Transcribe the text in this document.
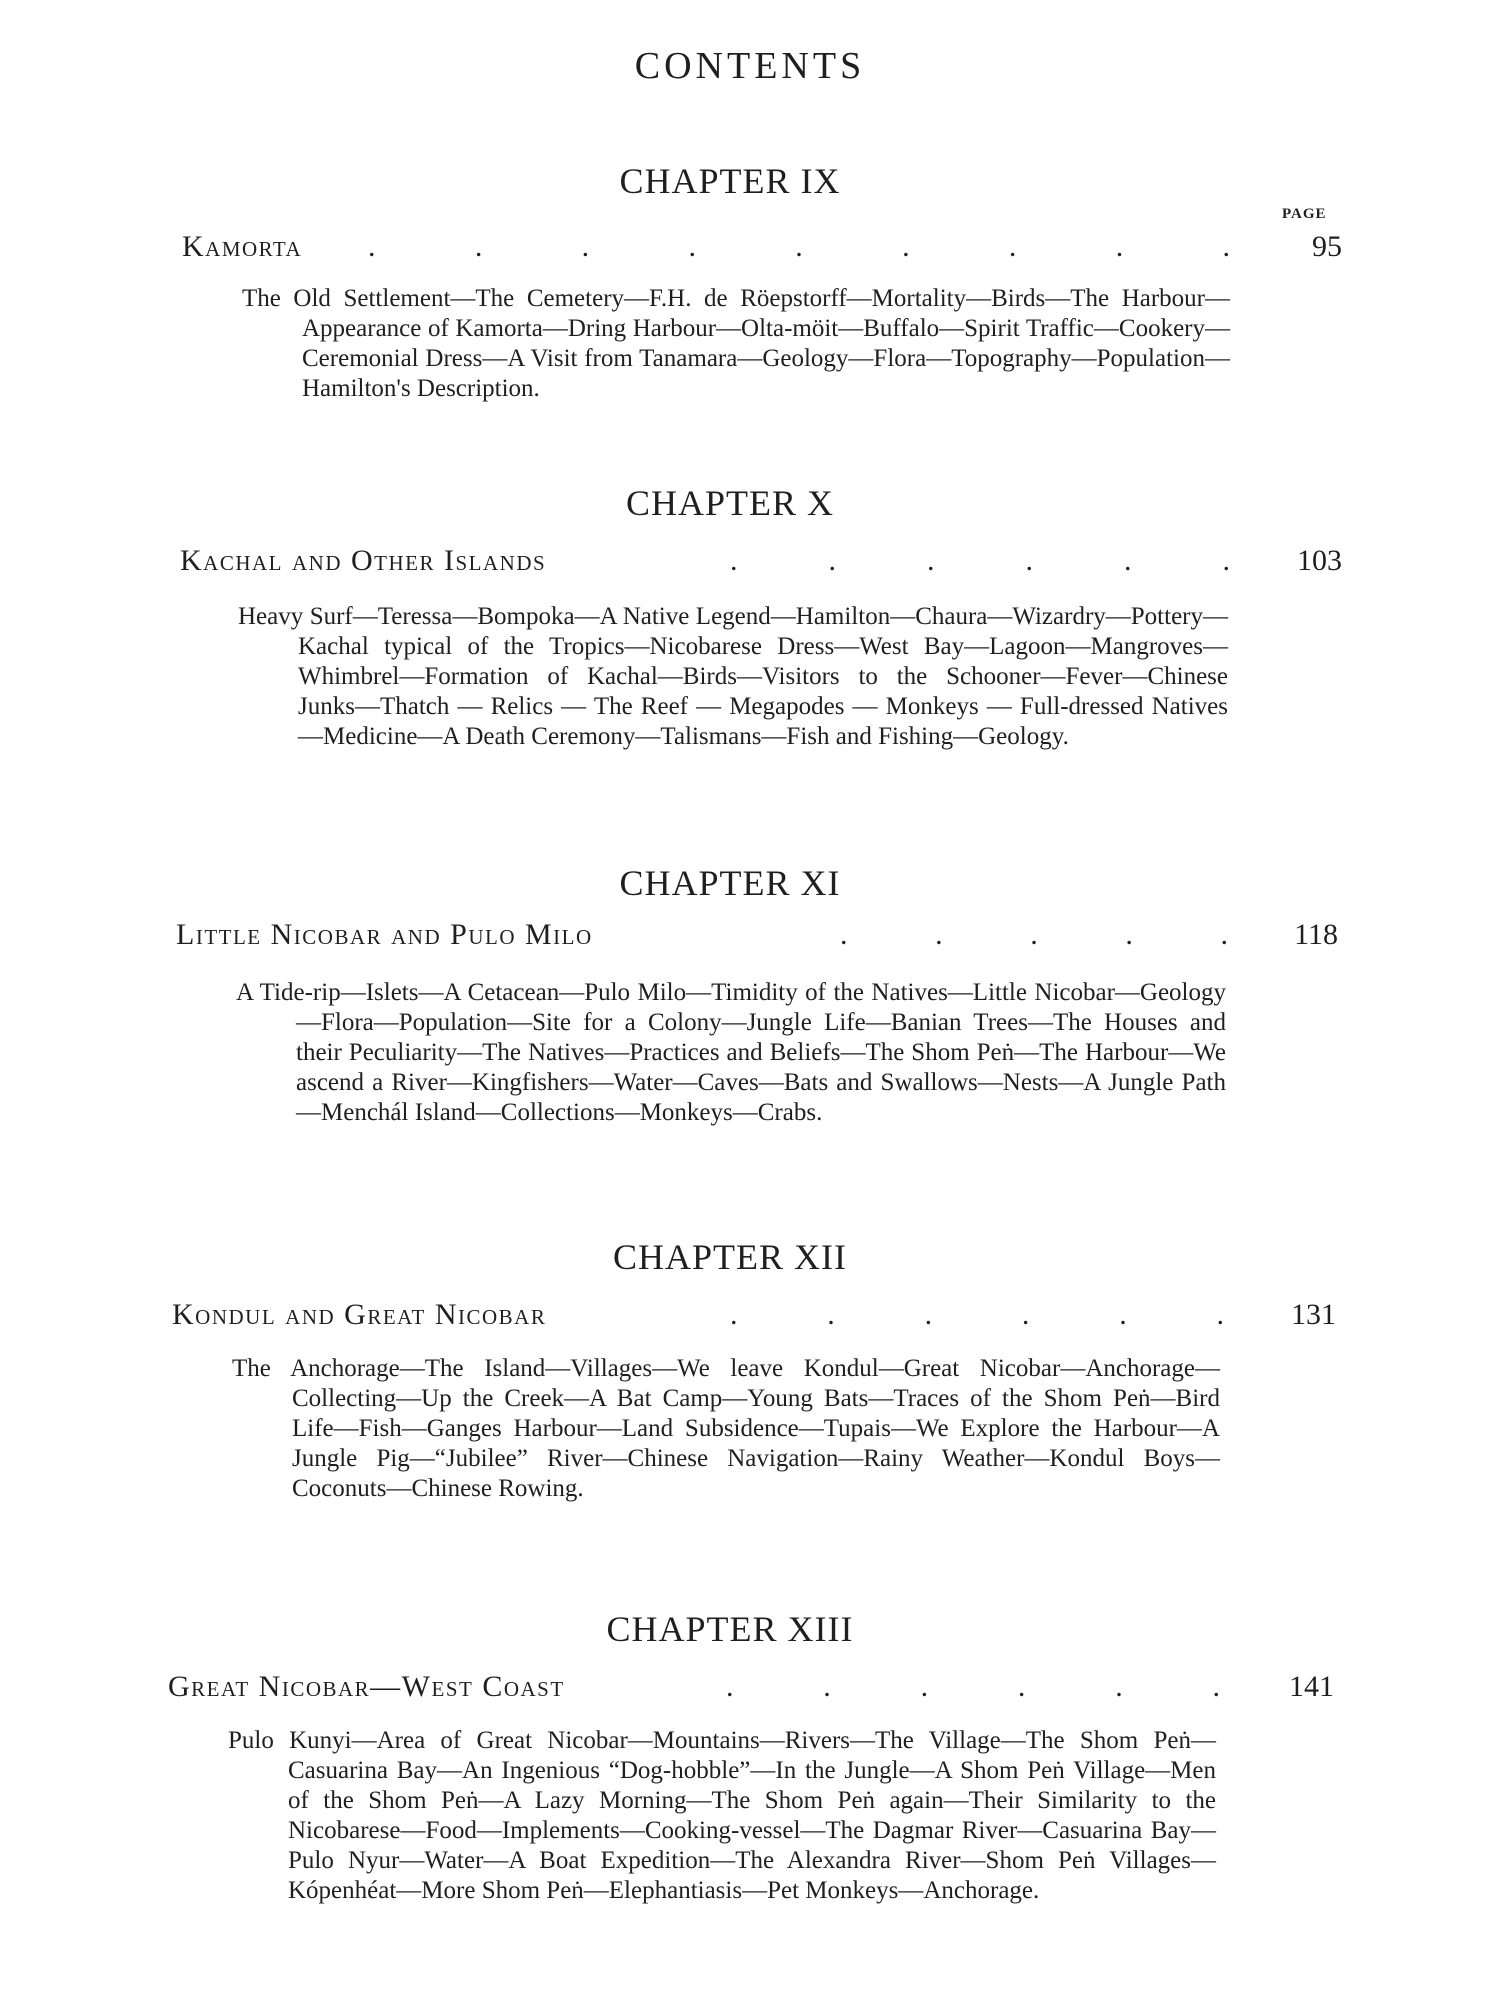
CONTENTS
PAGE
CHAPTER IX
Kamorta .	.	.	.	.	.	.	.	.	95

The Old Settlement—The Cemetery—F.H. de Röepstorff—Mortality—Birds—The Harbour—Appearance of Kamorta—Dring Harbour—Olta-möit—Buffalo—Spirit Traffic—Cookery—Ceremonial Dress—A Visit from Tanamara—Geology—Flora—Topography—Population—Hamilton's Description.

CHAPTER X
Kachal and Other Islands	.	.	.	.	.	.	103

Heavy Surf—Teressa—Bompoka—A Native Legend—Hamilton—Chaura—Wizardry—Pottery—Kachal typical of the Tropics—Nicobarese Dress—West Bay—Lagoon—Mangroves—Whimbrel—Formation of Kachal—Birds—Visitors to the Schooner—Fever—Chinese Junks—Thatch — Relics — The Reef — Megapodes — Monkeys — Full-dressed Natives—Medicine—A Death Ceremony—Talismans—Fish and Fishing—Geology.

CHAPTER XI
Little Nicobar and Pulo Milo	.	.	.	.	.	118

A Tide-rip—Islets—A Cetacean—Pulo Milo—Timidity of the Natives—Little Nicobar—Geology—Flora—Population—Site for a Colony—Jungle Life—Banian Trees—The Houses and their Peculiarity—The Natives—Practices and Beliefs—The Shom Peṅ—The Harbour—We ascend a River—Kingfishers—Water—Caves—Bats and Swallows—Nests—A Jungle Path—Menchál Island—Collections—Monkeys—Crabs.

CHAPTER XII
Kondul and Great Nicobar	.	.	.	.	.	.	131

The Anchorage—The Island—Villages—We leave Kondul—Great Nicobar—Anchorage—Collecting—Up the Creek—A Bat Camp—Young Bats—Traces of the Shom Peṅ—Bird Life—Fish—Ganges Harbour—Land Subsidence—Tupais—We Explore the Harbour—A Jungle Pig—“Jubilee” River—Chinese Navigation—Rainy Weather—Kondul Boys—Coconuts—Chinese Rowing.

CHAPTER XIII
Great Nicobar—West Coast	.	.	.	.	.	.	141

Pulo Kunyi—Area of Great Nicobar—Mountains—Rivers—The Village—The Shom Peṅ—Casuarina Bay—An Ingenious “Dog-hobble”—In the Jungle—A Shom Peṅ Village—Men of the Shom Peṅ—A Lazy Morning—The Shom Peṅ again—Their Similarity to the Nicobarese—Food—Implements—Cooking-vessel—The Dagmar River—Casuarina Bay—Pulo Nyur—Water—A Boat Expedition—The Alexandra River—Shom Peṅ Villages—Kópenhéat—More Shom Peṅ—Elephantiasis—Pet Monkeys—Anchorage.
